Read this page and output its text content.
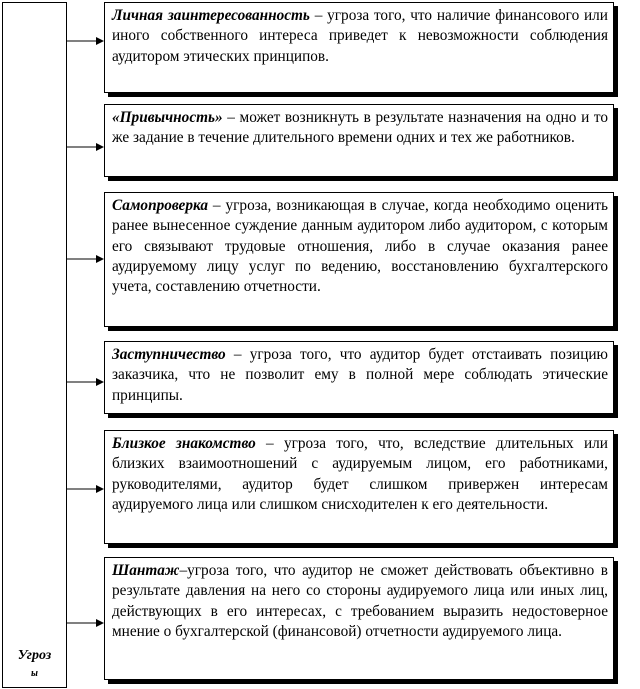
Угроз
ы
Личная заинтересованность – угроза того, что наличие финансового или иного собственного интереса приведет к невозможности соблюдения аудитором этических принципов.
«Привычность» – может возникнуть в результате назначения на одно и то же задание в течение длительного времени одних и тех же работников.
Самопроверка – угроза, возникающая в случае, когда необходимо оценить ранее вынесенное суждение данным аудитором либо аудитором, с которым его связывают трудовые отношения, либо в случае оказания ранее аудируемому лицу услуг по ведению, восстановлению бухгалтерского учета, составлению отчетности.
Заступничество – угроза того, что аудитор будет отстаивать позицию заказчика, что не позволит ему в полной мере соблюдать этические принципы.
Близкое знакомство – угроза того, что, вследствие длительных или близких взаимоотношений с аудируемым лицом, его работниками, руководителями, аудитор будет слишком привержен интересам аудируемого лица или слишком снисходителен к его деятельности.
Шантаж–угроза того, что аудитор не сможет действовать объективно в результате давления на него со стороны аудируемого лица или иных лиц, действующих в его интересах, с требованием выразить недостоверное мнение о бухгалтерской (финансовой) отчетности аудируемого лица.
